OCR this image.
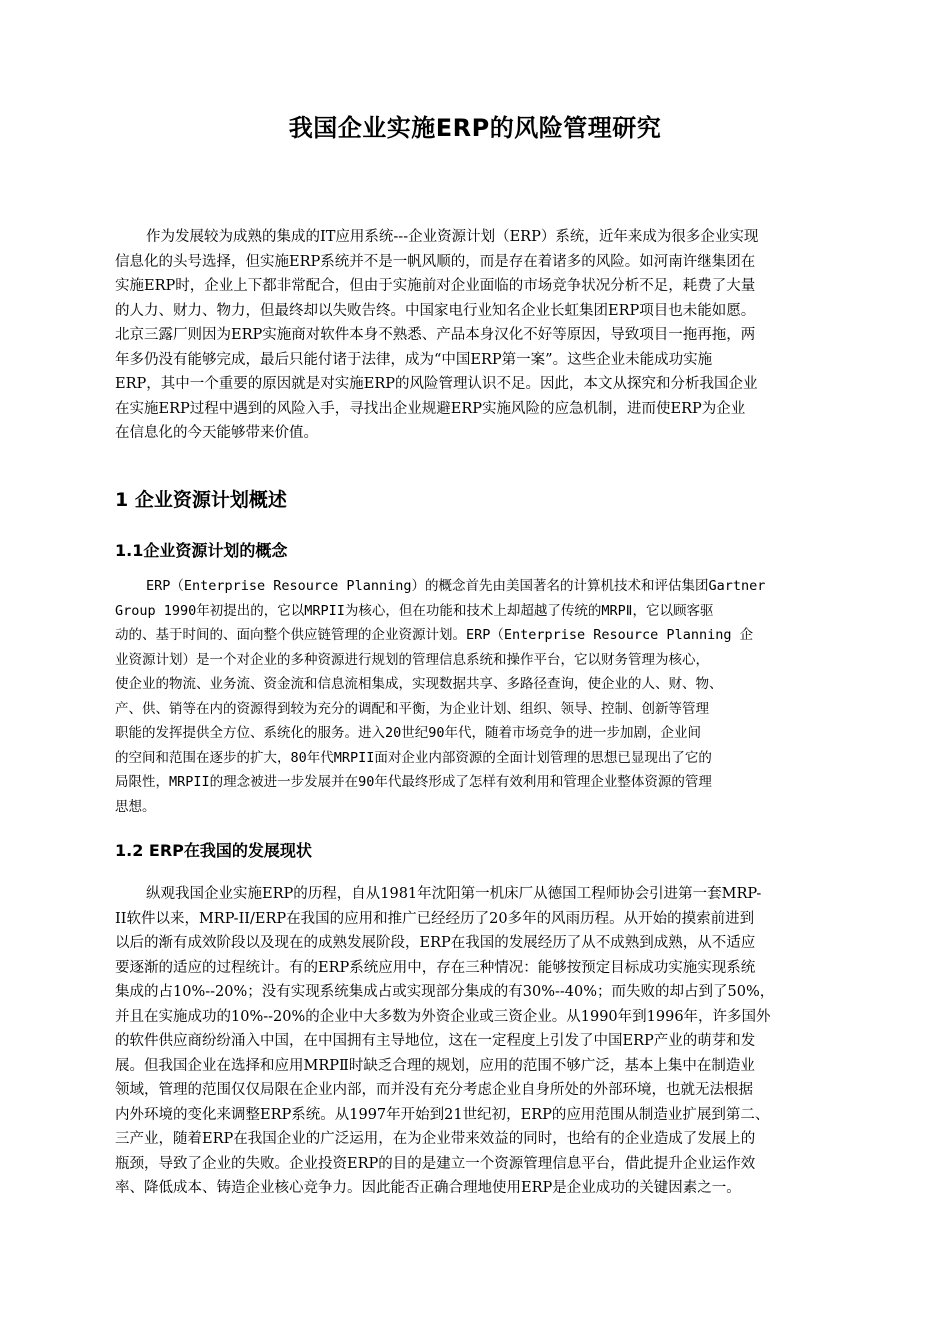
我国企业实施ERP的风险管理研究
作为发展较为成熟的集成的IT应用系统---企业资源计划（ERP）系统，近年来成为很多企业实现
信息化的头号选择，但实施ERP系统并不是一帆风顺的，而是存在着诸多的风险。如河南许继集团在
实施ERP时，企业上下都非常配合，但由于实施前对企业面临的市场竞争状况分析不足，耗费了大量
的人力、财力、物力，但最终却以失败告终。中国家电行业知名企业长虹集团ERP项目也未能如愿。
北京三露厂则因为ERP实施商对软件本身不熟悉、产品本身汉化不好等原因，导致项目一拖再拖，两
年多仍没有能够完成，最后只能付诸于法律，成为“中国ERP第一案”。这些企业未能成功实施
ERP，其中一个重要的原因就是对实施ERP的风险管理认识不足。因此，本文从探究和分析我国企业
在实施ERP过程中遇到的风险入手，寻找出企业规避ERP实施风险的应急机制，进而使ERP为企业
在信息化的今天能够带来价值。
1 企业资源计划概述
1.1企业资源计划的概念
ERP（Enterprise Resource Planning）的概念首先由美国著名的计算机技术和评估集团Gartner
Group 1990年初提出的，它以MRPII为核心，但在功能和技术上却超越了传统的MRPⅡ，它以顾客驱
动的、基于时间的、面向整个供应链管理的企业资源计划。ERP（Enterprise Resource Planning 企
业资源计划）是一个对企业的多种资源进行规划的管理信息系统和操作平台，它以财务管理为核心，
使企业的物流、业务流、资金流和信息流相集成，实现数据共享、多路径查询，使企业的人、财、物、
产、供、销等在内的资源得到较为充分的调配和平衡，为企业计划、组织、领导、控制、创新等管理
职能的发挥提供全方位、系统化的服务。进入20世纪90年代，随着市场竞争的进一步加剧，企业间
的空间和范围在逐步的扩大，80年代MRPII面对企业内部资源的全面计划管理的思想已显现出了它的
局限性，MRPII的理念被进一步发展并在90年代最终形成了怎样有效利用和管理企业整体资源的管理
思想。
1.2 ERP在我国的发展现状
纵观我国企业实施ERP的历程，自从1981年沈阳第一机床厂从德国工程师协会引进第一套MRP-
II软件以来，MRP-II/ERP在我国的应用和推广已经经历了20多年的风雨历程。从开始的摸索前进到
以后的渐有成效阶段以及现在的成熟发展阶段，ERP在我国的发展经历了从不成熟到成熟，从不适应
要逐渐的适应的过程统计。有的ERP系统应用中，存在三种情况：能够按预定目标成功实施实现系统
集成的占10%--20%；没有实现系统集成占或实现部分集成的有30%--40%；而失败的却占到了50%，
并且在实施成功的10%--20%的企业中大多数为外资企业或三资企业。从1990年到1996年，许多国外
的软件供应商纷纷涌入中国，在中国拥有主导地位，这在一定程度上引发了中国ERP产业的萌芽和发
展。但我国企业在选择和应用MRPⅡ时缺乏合理的规划，应用的范围不够广泛，基本上集中在制造业
领域，管理的范围仅仅局限在企业内部，而并没有充分考虑企业自身所处的外部环境，也就无法根据
内外环境的变化来调整ERP系统。从1997年开始到21世纪初，ERP的应用范围从制造业扩展到第二、
三产业，随着ERP在我国企业的广泛运用，在为企业带来效益的同时，也给有的企业造成了发展上的
瓶颈，导致了企业的失败。企业投资ERP的目的是建立一个资源管理信息平台，借此提升企业运作效
率、降低成本、铸造企业核心竞争力。因此能否正确合理地使用ERP是企业成功的关键因素之一。
